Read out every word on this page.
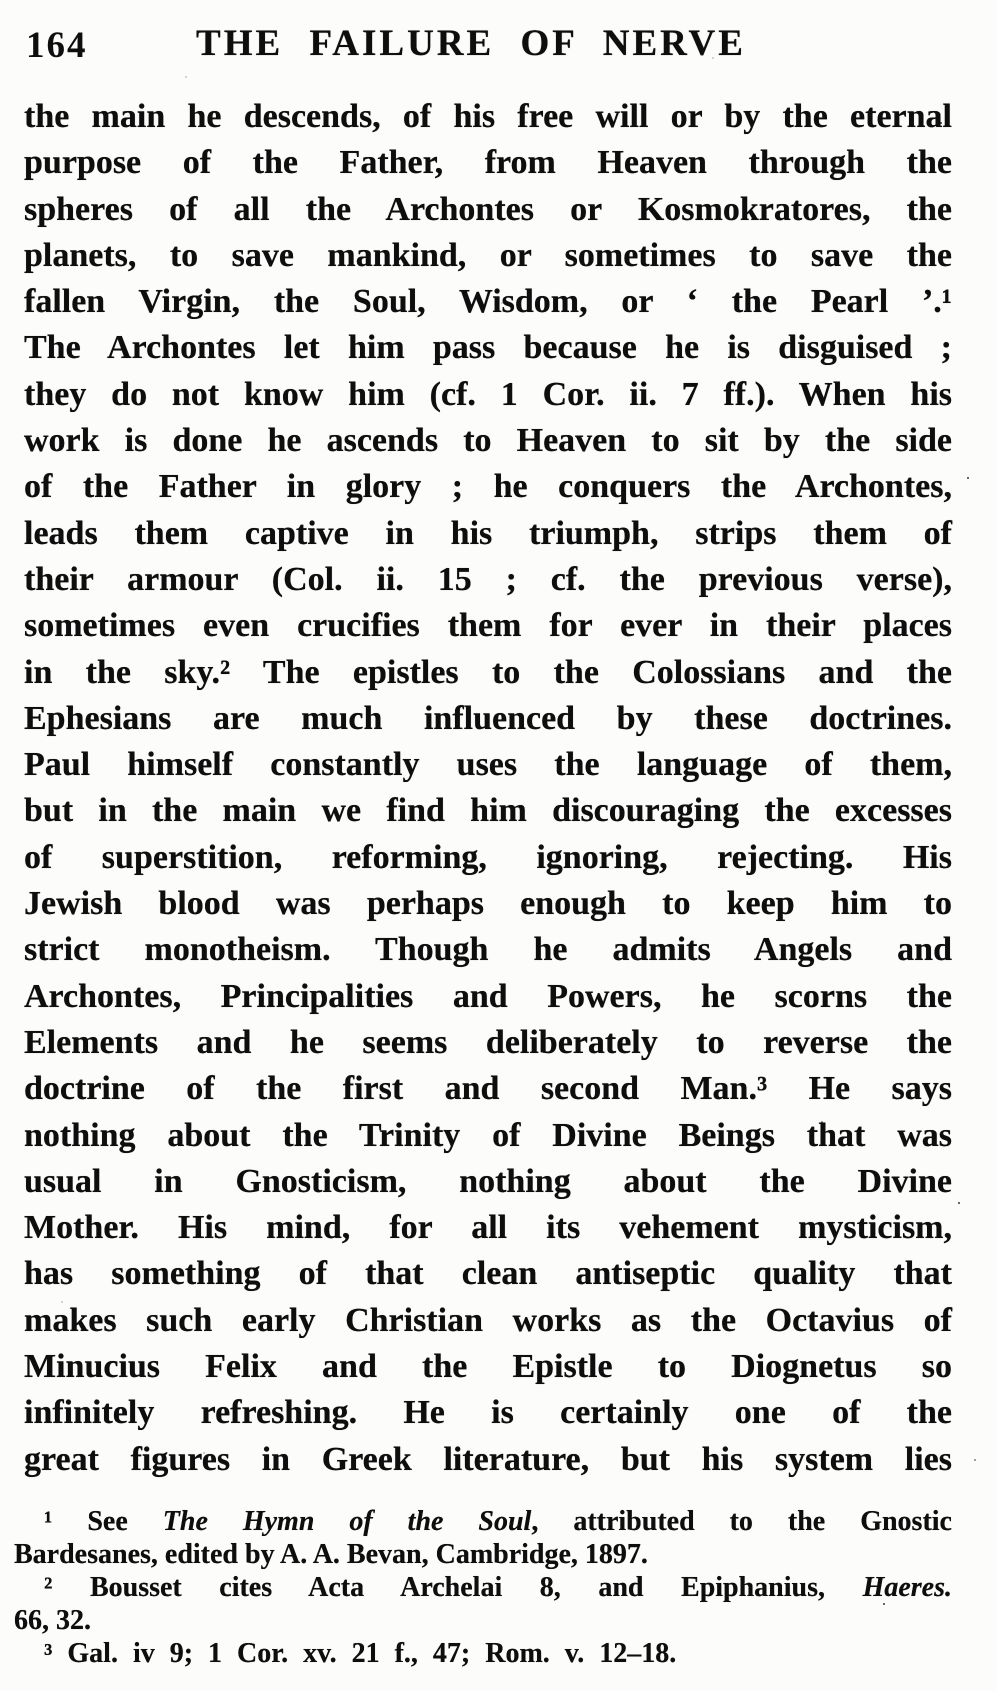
164	THE FAILURE OF NERVE
the main he descends, of his free will or by the eternal
purpose of the Father, from Heaven through the
spheres of all the Archontes or Kosmokratores, the
planets, to save mankind, or sometimes to save the
fallen Virgin, the Soul, Wisdom, or ‘ the Pearl ’.¹
The Archontes let him pass because he is disguised ;
they do not know him (cf. 1 Cor. ii. 7 ff.). When his
work is done he ascends to Heaven to sit by the side
of the Father in glory ; he conquers the Archontes,
leads them captive in his triumph, strips them of
their armour (Col. ii. 15 ; cf. the previous verse),
sometimes even crucifies them for ever in their places
in the sky.² The epistles to the Colossians and the
Ephesians are much influenced by these doctrines.
Paul himself constantly uses the language of them,
but in the main we find him discouraging the excesses
of superstition, reforming, ignoring, rejecting. His
Jewish blood was perhaps enough to keep him to
strict monotheism. Though he admits Angels and
Archontes, Principalities and Powers, he scorns the
Elements and he seems deliberately to reverse the
doctrine of the first and second Man.³ He says
nothing about the Trinity of Divine Beings that was
usual in Gnosticism, nothing about the Divine
Mother. His mind, for all its vehement mysticism,
has something of that clean antiseptic quality that
makes such early Christian works as the Octavius of
Minucius Felix and the Epistle to Diognetus so
infinitely refreshing. He is certainly one of the
great figures in Greek literature, but his system lies
¹ See The Hymn of the Soul, attributed to the Gnostic
Bardesanes, edited by A. A. Bevan, Cambridge, 1897.
² Bousset cites Acta Archelai 8, and Epiphanius, Haeres.
66, 32.
³ Gal. iv 9; 1 Cor. xv. 21 f., 47; Rom. v. 12–18.
